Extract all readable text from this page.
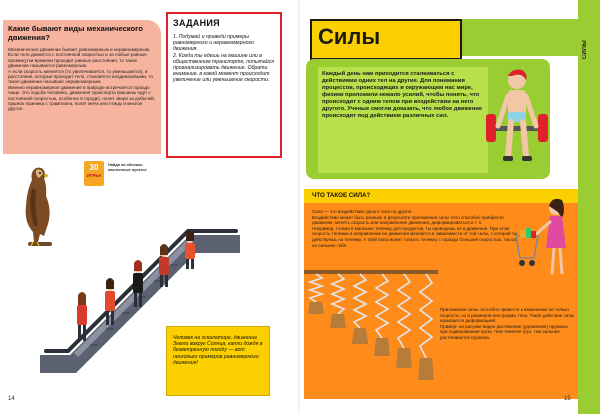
Какие бывают виды механического движения?
Механическое движение бывает равномерным и неравномерным.
Если тело движется с постоянной скоростью и за любые равные промежутки времени проходит равные расстояния, то такое движение называется равномерным.
А если скорость меняется (то увеличивается, то уменьшается), и расстояния, которые проходит тело, становятся неодинаковыми, то такое движение называют неравномерным.
Именно неравномерное движение в природе встречается гораздо чаще. Это ходьба человека, движения транспорта (машины едут с постоянной скоростью, особенно в городе), полет зверя за добычей, прыжок лыжника с трамплина, полет мяча или птицы и многое другое.
ЗАДАНИЯ
1. Подумай и приведи примеры равномерного и неравномерного движения.
2. Когда ты едешь на машине или в общественном транспорте, попытайся проанализировать движение. Обрати внимание, в какой момент происходит увеличение или уменьшение скорости.
30
ИГРЫ!
Найди на обложке, наклеечные пункты!
Человек на эскалаторе, движение Земли вокруг Солнца, капли дождя в безветренную погоду — вот несколько примеров равномерного движения!
14
СИЛЫ
Силы
Каждый день нам приходится сталкиваться с действиями одних тел на другие. Для понимания процессов, происходящих в окружающем нас мире, физики приложили немало усилий, чтобы понять, что происходит с одним телом при воздействии на него другого. Ученые смогли доказать, что любое движение происходит под действием различных сил.
ЧТО ТАКОЕ СИЛА?
Сила — это воздействие одного тела на другое.
Воздействие может быть разным: в результате приложения силы тело способно прибрести движение, менять скорость или направление движения, деформироваться и т. п.
Например, толкая в магазине тележку для продуктов, ты приводишь ее в движение. При этом скорость тележки и направление ее движения меняются в зависимости от той силы, с которой ты действуешь на тележку. А твой папа может толкать тележку с гораздо большей скоростью, так как он сильнее тебя.
Приложение силы способно привести к изменению не только скорости, но и размеров или формы тела. Такое действие силы называется деформацией.
Пример: на рисунке видно растяжение (удлинение) пружины при подвешивании груза. Чем тяжелее груз, тем сильнее растягивается пружина.
15
